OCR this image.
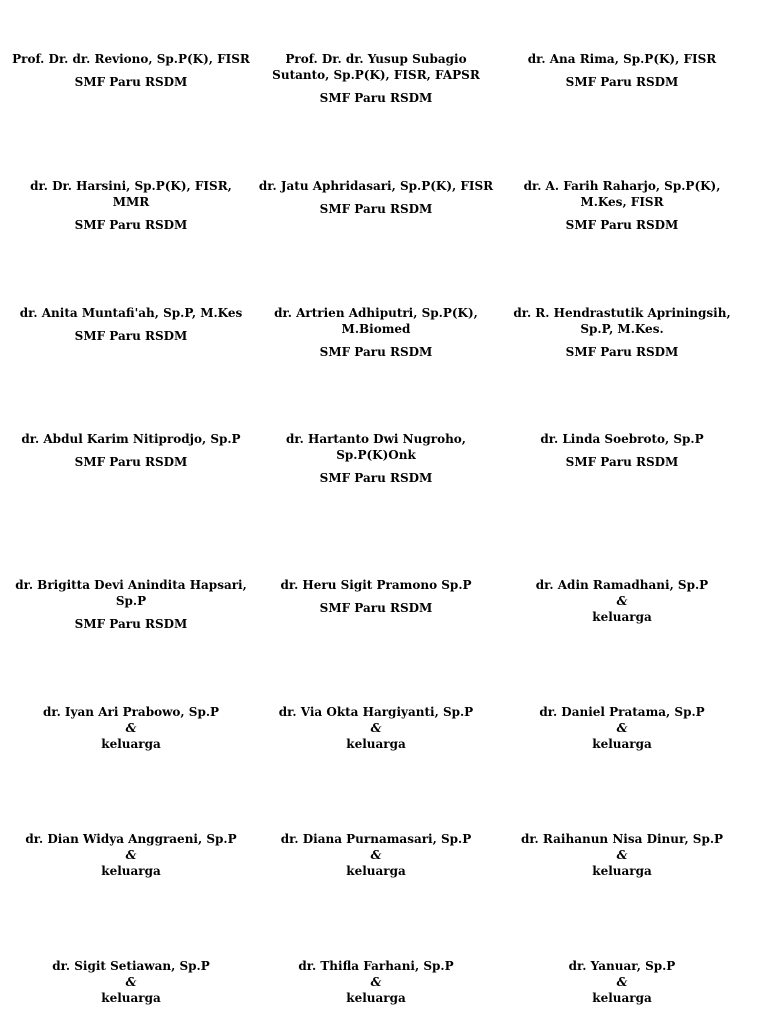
Prof. Dr. dr. Reviono, Sp.P(K), FISR
SMF Paru RSDM
Prof. Dr. dr. Yusup Subagio Sutanto, Sp.P(K), FISR, FAPSR
SMF Paru RSDM
dr. Ana Rima, Sp.P(K), FISR
SMF Paru RSDM
dr. Dr. Harsini, Sp.P(K), FISR, MMR
SMF Paru RSDM
dr. Jatu Aphridasari, Sp.P(K), FISR
SMF Paru RSDM
dr. A. Farih Raharjo, Sp.P(K), M.Kes, FISR
SMF Paru RSDM
dr. Anita Muntafi'ah, Sp.P, M.Kes
SMF Paru RSDM
dr. Artrien Adhiputri, Sp.P(K), M.Biomed
SMF Paru RSDM
dr. R. Hendrastutik Apriningsih, Sp.P, M.Kes.
SMF Paru RSDM
dr. Abdul Karim Nitiprodjo, Sp.P
SMF Paru RSDM
dr. Hartanto Dwi Nugroho, Sp.P(K)Onk
SMF Paru RSDM
dr. Linda Soebroto, Sp.P
SMF Paru RSDM
dr. Brigitta Devi Anindita Hapsari, Sp.P
SMF Paru RSDM
dr. Heru Sigit Pramono Sp.P
SMF Paru RSDM
dr. Adin Ramadhani, Sp.P
&
keluarga
dr. Iyan Ari Prabowo, Sp.P
&
keluarga
dr. Via Okta Hargiyanti, Sp.P
&
keluarga
dr. Daniel Pratama, Sp.P
&
keluarga
dr. Dian Widya Anggraeni, Sp.P
&
keluarga
dr. Diana Purnamasari, Sp.P
&
keluarga
dr. Raihanun Nisa Dinur, Sp.P
&
keluarga
dr. Sigit Setiawan, Sp.P
&
keluarga
dr. Thifla Farhani, Sp.P
&
keluarga
dr. Yanuar, Sp.P
&
keluarga
